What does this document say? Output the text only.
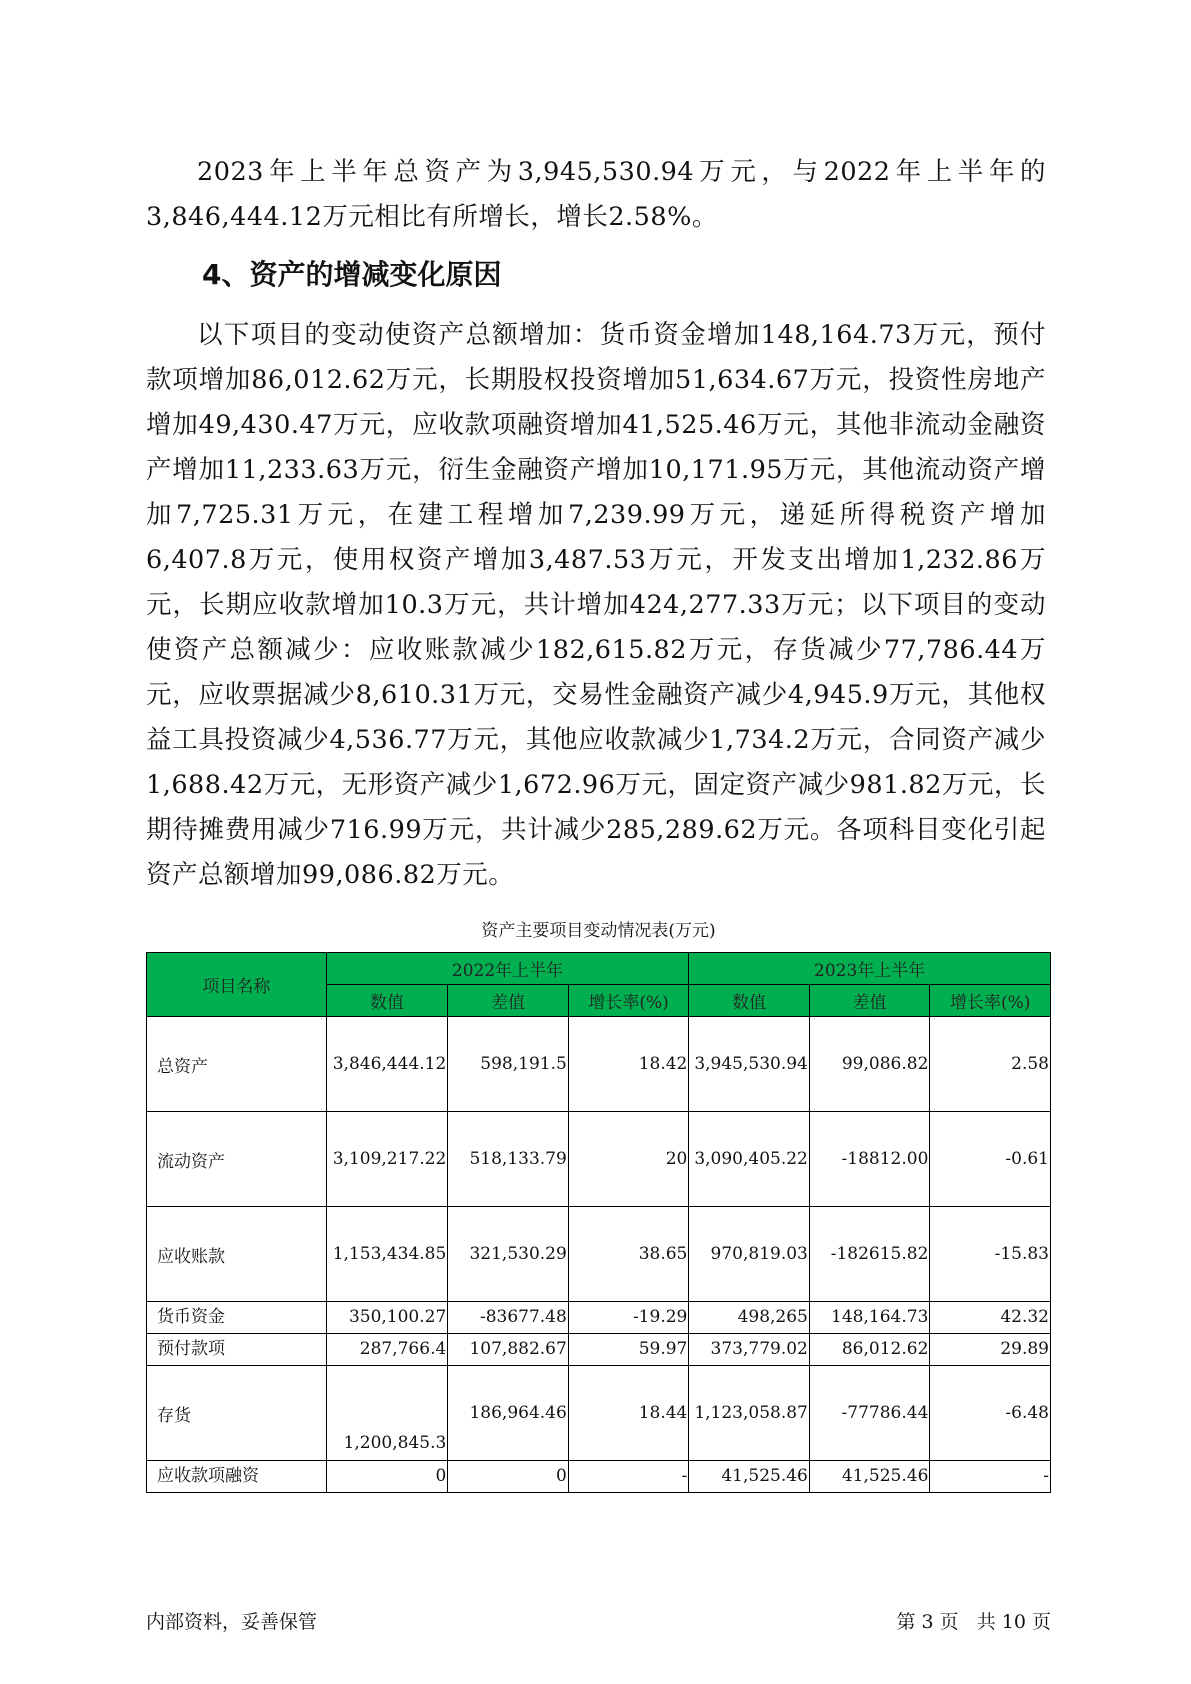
2023年上半年总资产为3,945,530.94万元，与2022年上半年的3,846,444.12万元相比有所增长，增长2.58%。

4、资产的增减变化原因

以下项目的变动使资产总额增加：货币资金增加148,164.73万元，预付款项增加86,012.62万元，长期股权投资增加51,634.67万元，投资性房地产增加49,430.47万元，应收款项融资增加41,525.46万元，其他非流动金融资产增加11,233.63万元，衍生金融资产增加10,171.95万元，其他流动资产增加7,725.31万元，在建工程增加7,239.99万元，递延所得税资产增加6,407.8万元，使用权资产增加3,487.53万元，开发支出增加1,232.86万元，长期应收款增加10.3万元，共计增加424,277.33万元；以下项目的变动使资产总额减少：应收账款减少182,615.82万元，存货减少77,786.44万元，应收票据减少8,610.31万元，交易性金融资产减少4,945.9万元，其他权益工具投资减少4,536.77万元，其他应收款减少1,734.2万元，合同资产减少1,688.42万元，无形资产减少1,672.96万元，固定资产减少981.82万元，长期待摊费用减少716.99万元，共计减少285,289.62万元。各项科目变化引起资产总额增加99,086.82万元。

资产主要项目变动情况表(万元)
项目名称	2022年上半年			2023年上半年		
	数值	差值	增长率(%)	数值	差值	增长率(%)
总资产	3,846,444.12	598,191.5	18.42	3,945,530.94	99,086.82	2.58
流动资产	3,109,217.22	518,133.79	20	3,090,405.22	-18812.00	-0.61
应收账款	1,153,434.85	321,530.29	38.65	970,819.03	-182615.82	-15.83
货币资金	350,100.27	-83677.48	-19.29	498,265	148,164.73	42.32
预付款项	287,766.4	107,882.67	59.97	373,779.02	86,012.62	29.89
存货	1,200,845.3	186,964.46	18.44	1,123,058.87	-77786.44	-6.48
应收款项融资	0	0	-	41,525.46	41,525.46	-
内部资料，妥善保管	第 3 页 共 10 页
